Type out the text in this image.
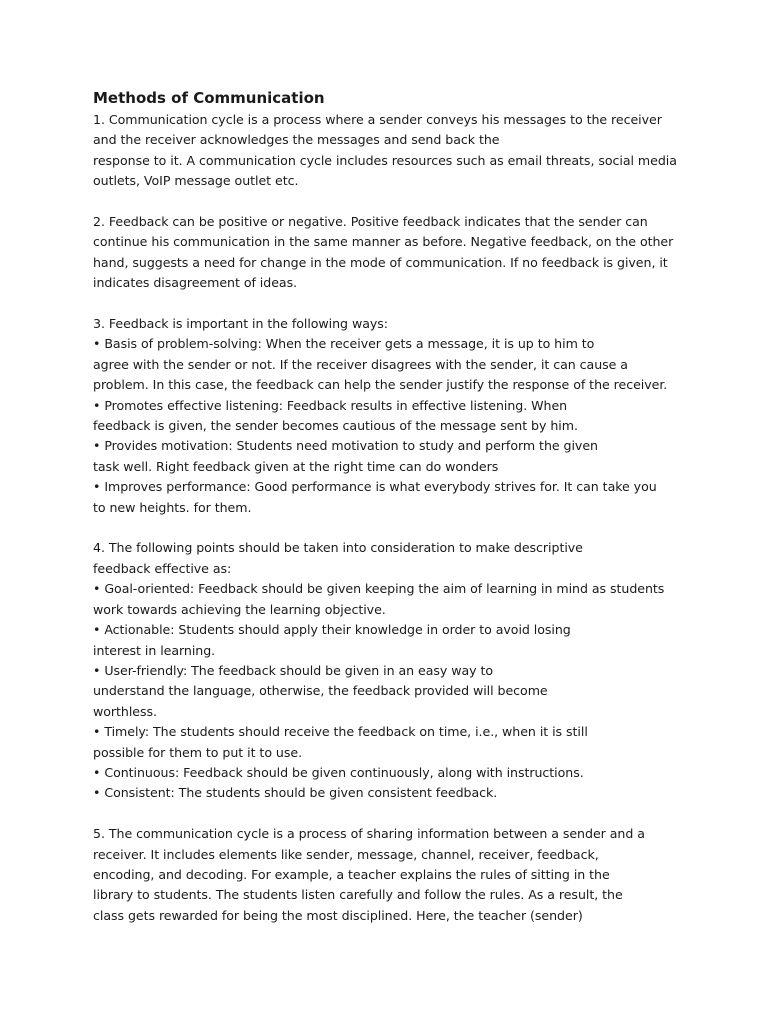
Methods of Communication

1. Communication cycle is a process where a sender conveys his messages to the receiver

and the receiver acknowledges the messages and send back the

response to it. A communication cycle includes resources such as email threats, social media

outlets, VoIP message outlet etc.

2. Feedback can be positive or negative. Positive feedback indicates that the sender can

continue his communication in the same manner as before. Negative feedback, on the other

hand, suggests a need for change in the mode of communication. If no feedback is given, it

indicates disagreement of ideas.

3. Feedback is important in the following ways:

• Basis of problem-solving: When the receiver gets a message, it is up to him to

agree with the sender or not. If the receiver disagrees with the sender, it can cause a

problem. In this case, the feedback can help the sender justify the response of the receiver.

• Promotes effective listening: Feedback results in effective listening. When

feedback is given, the sender becomes cautious of the message sent by him.

• Provides motivation: Students need motivation to study and perform the given

task well. Right feedback given at the right time can do wonders

• Improves performance: Good performance is what everybody strives for. It can take you

to new heights. for them.

4. The following points should be taken into consideration to make descriptive

feedback effective as:

• Goal-oriented: Feedback should be given keeping the aim of learning in mind as students

work towards achieving the learning objective.

• Actionable: Students should apply their knowledge in order to avoid losing

interest in learning.

• User-friendly: The feedback should be given in an easy way to

understand the language, otherwise, the feedback provided will become

worthless.

• Timely: The students should receive the feedback on time, i.e., when it is still

possible for them to put it to use.

• Continuous: Feedback should be given continuously, along with instructions.

• Consistent: The students should be given consistent feedback.

5. The communication cycle is a process of sharing information between a sender and a

receiver. It includes elements like sender, message, channel, receiver, feedback,

encoding, and decoding. For example, a teacher explains the rules of sitting in the

library to students. The students listen carefully and follow the rules. As a result, the

class gets rewarded for being the most disciplined. Here, the teacher (sender)
